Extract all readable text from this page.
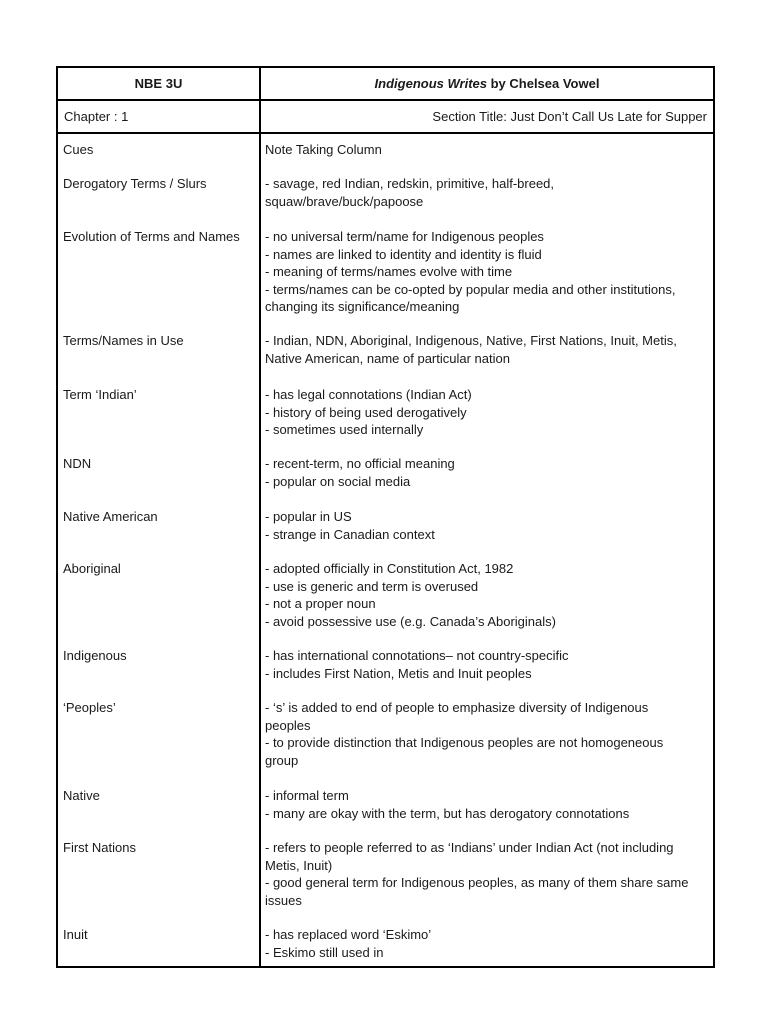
NBE 3U	Indigenous Writes by Chelsea Vowel
Chapter : 1	Section Title: Just Don’t Call Us Late for Supper
Cues	Note Taking Column
Derogatory Terms / Slurs	- savage, red Indian, redskin, primitive, half-breed,
squaw/brave/buck/papoose
Evolution of Terms and Names	- no universal term/name for Indigenous peoples
- names are linked to identity and identity is fluid
- meaning of terms/names evolve with time
- terms/names can be co-opted by popular media and other institutions,
changing its significance/meaning
Terms/Names in Use	- Indian, NDN, Aboriginal, Indigenous, Native, First Nations, Inuit, Metis,
Native American, name of particular nation
Term ‘Indian’	- has legal connotations (Indian Act)
- history of being used derogatively
- sometimes used internally
NDN	- recent-term, no official meaning
- popular on social media
Native American	- popular in US
- strange in Canadian context
Aboriginal	- adopted officially in Constitution Act, 1982
- use is generic and term is overused
- not a proper noun
- avoid possessive use (e.g. Canada’s Aboriginals)
Indigenous	- has international connotations– not country-specific
- includes First Nation, Metis and Inuit peoples
‘Peoples’	- ‘s’ is added to end of people to emphasize diversity of Indigenous
peoples
- to provide distinction that Indigenous peoples are not homogeneous
group
Native	- informal term
- many are okay with the term, but has derogatory connotations
First Nations	- refers to people referred to as ‘Indians’ under Indian Act (not including
Metis, Inuit)
- good general term for Indigenous peoples, as many of them share same
issues
Inuit	- has replaced word ‘Eskimo’
- Eskimo still used in
